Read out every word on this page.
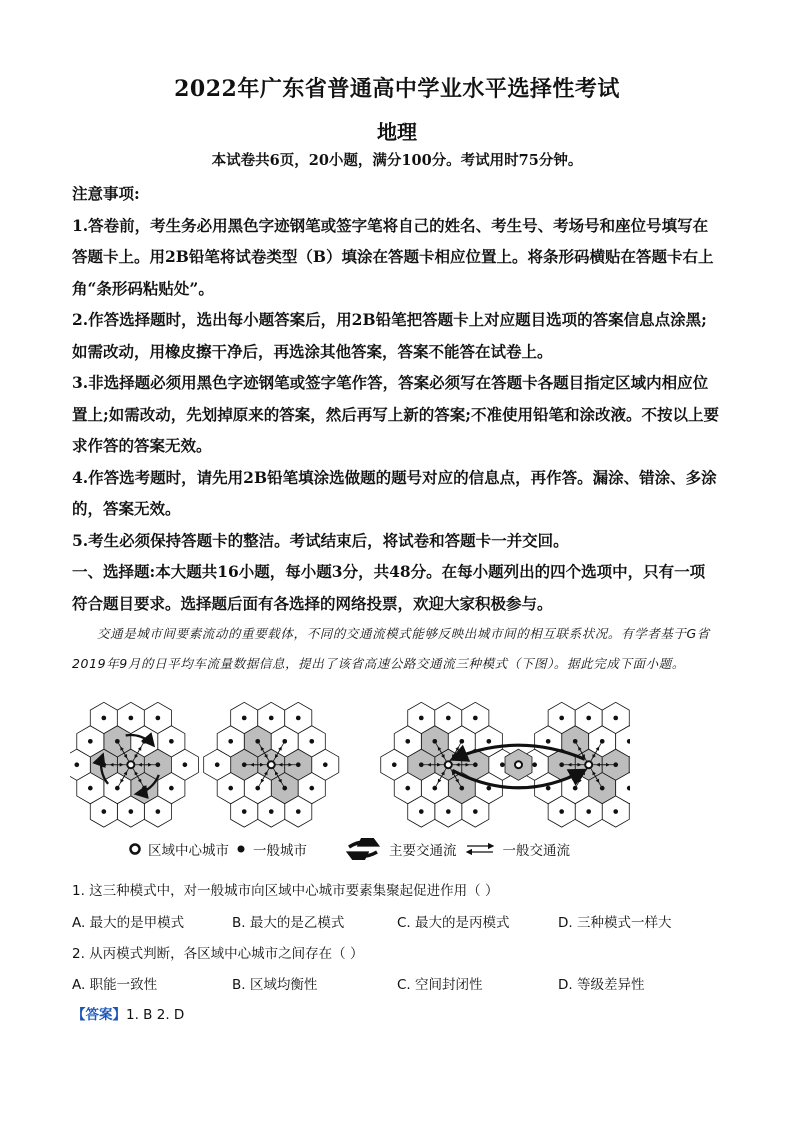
2022年广东省普通高中学业水平选择性考试
地理
本试卷共6页，20小题，满分100分。考试用时75分钟。

注意事项:

1.答卷前，考生务必用黑色字迹钢笔或签字笔将自己的姓名、考生号、考场号和座位号填写在答题卡上。用2B铅笔将试卷类型（B）填涂在答题卡相应位置上。将条形码横贴在答题卡右上角“条形码粘贴处”。

2.作答选择题时，选出每小题答案后，用2B铅笔把答题卡上对应题目选项的答案信息点涂黑;如需改动，用橡皮擦干净后，再选涂其他答案，答案不能答在试卷上。

3.非选择题必须用黑色字迹钢笔或签字笔作答，答案必须写在答题卡各题目指定区域内相应位置上;如需改动，先划掉原来的答案，然后再写上新的答案;不准使用铅笔和涂改液。不按以上要求作答的答案无效。

4.作答选考题时，请先用2B铅笔填涂选做题的题号对应的信息点，再作答。漏涂、错涂、多涂的，答案无效。

5.考生必须保持答题卡的整洁。考试结束后，将试卷和答题卡一并交回。

一、选择题:本大题共16小题，每小题3分，共48分。在每小题列出的四个选项中，只有一项符合题目要求。选择题后面有各选择的网络投票，欢迎大家积极参与。

交通是城市间要素流动的重要载体，不同的交通流模式能够反映出城市间的相互联系状况。有学者基于G省2019年9月的日平均车流量数据信息，提出了该省高速公路交通流三种模式（下图）。据此完成下面小题。

区域中心城市 一般城市	主要交通流	一般交通流
1. 这三种模式中，对一般城市向区域中心城市要素集聚起促进作用（ ）
A. 最大的是甲模式	B. 最大的是乙模式	C. 最大的是丙模式	D. 三种模式一样大
2. 从丙模式判断，各区域中心城市之间存在（ ）
A. 职能一致性	B. 区域均衡性	C. 空间封闭性	D. 等级差异性
【答案】1. B 2. D
